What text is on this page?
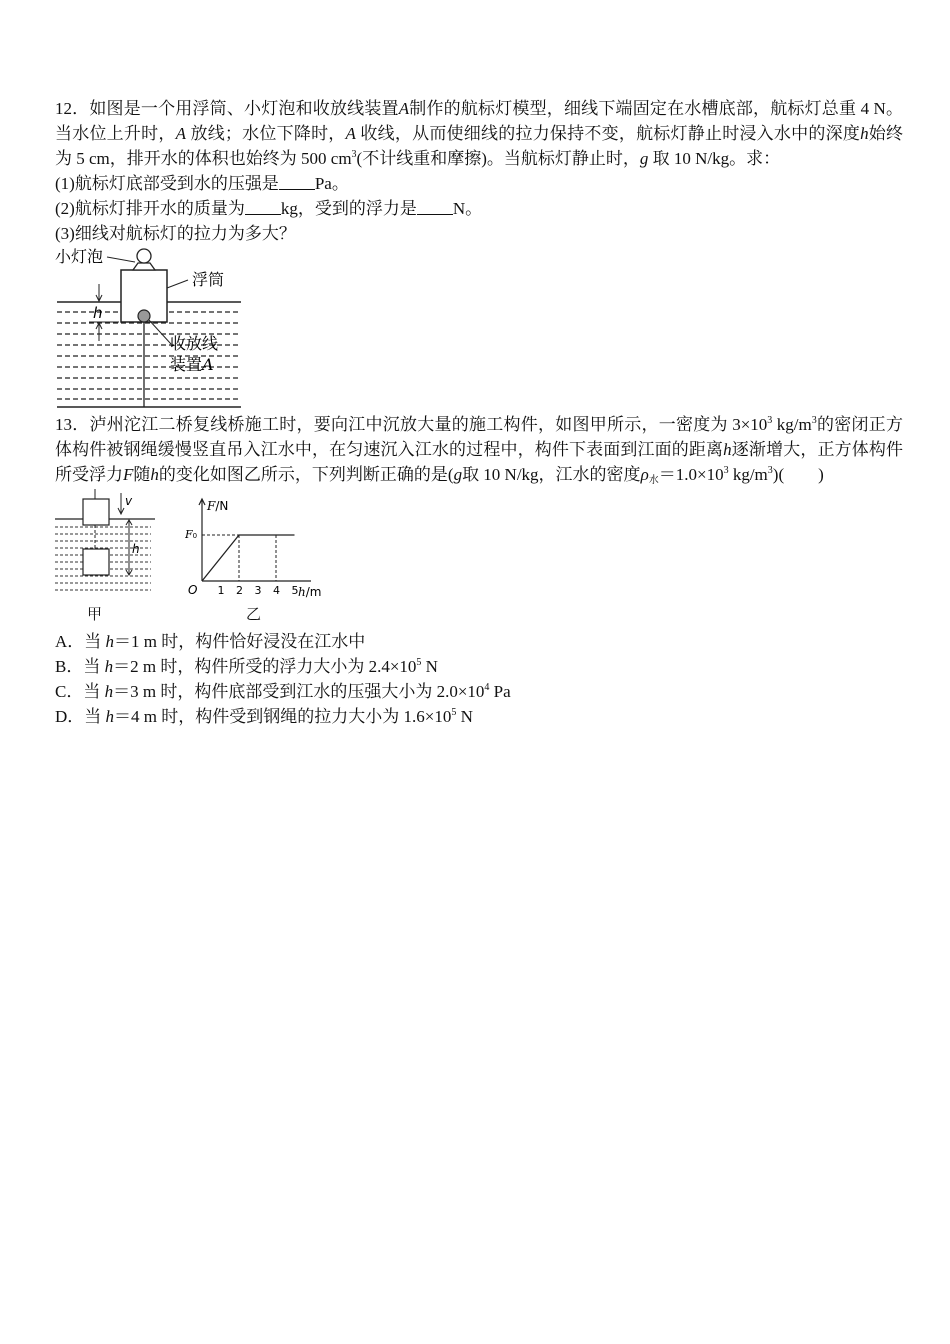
12．如图是一个用浮筒、小灯泡和收放线装置A制作的航标灯模型，细线下端固定在水槽底部，航标灯总重 4 N。当水位上升时，A 放线；水位下降时，A 收线，从而使细线的拉力保持不变，航标灯静止时浸入水中的深度h始终为 5 cm，排开水的体积也始终为 500 $cm^3$(不计线重和摩擦)。当航标灯静止时，g 取 10 N/kg。求：

(1)航标灯底部受到水的压强是 Pa。

(2)航标灯排开水的质量为 kg，受到的浮力是 N。

(3)细线对航标灯的拉力为多大？

h
小灯泡
浮筒
收放线
装置A

13．泸州沱江二桥复线桥施工时，要向江中沉放大量的施工构件，如图甲所示，一密度为 $3\times 10^3$ $kg/m^3$的密闭正方体构件被钢绳缓慢竖直吊入江水中，在匀速沉入江水的过程中，构件下表面到江面的距离h逐渐增大，正方体构件所受浮力F随h的变化如图乙所示，下列判断正确的是(g取 10 N/kg，江水的密度$\rho_水=1.0\times 10^3$ $kg/m^3$)(　　)

v
h
甲
F/N
F0
O	h/m
1 2 3 4 5
乙

A．当 h＝1 m 时，构件恰好浸没在江水中

B．当 h＝2 m 时，构件所受的浮力大小为 $2.4\times 10^5$ N

C．当 h＝3 m 时，构件底部受到江水的压强大小为 $2.0\times 10^4$ Pa

D．当 h＝4 m 时，构件受到钢绳的拉力大小为 $1.6\times 10^5$ N
